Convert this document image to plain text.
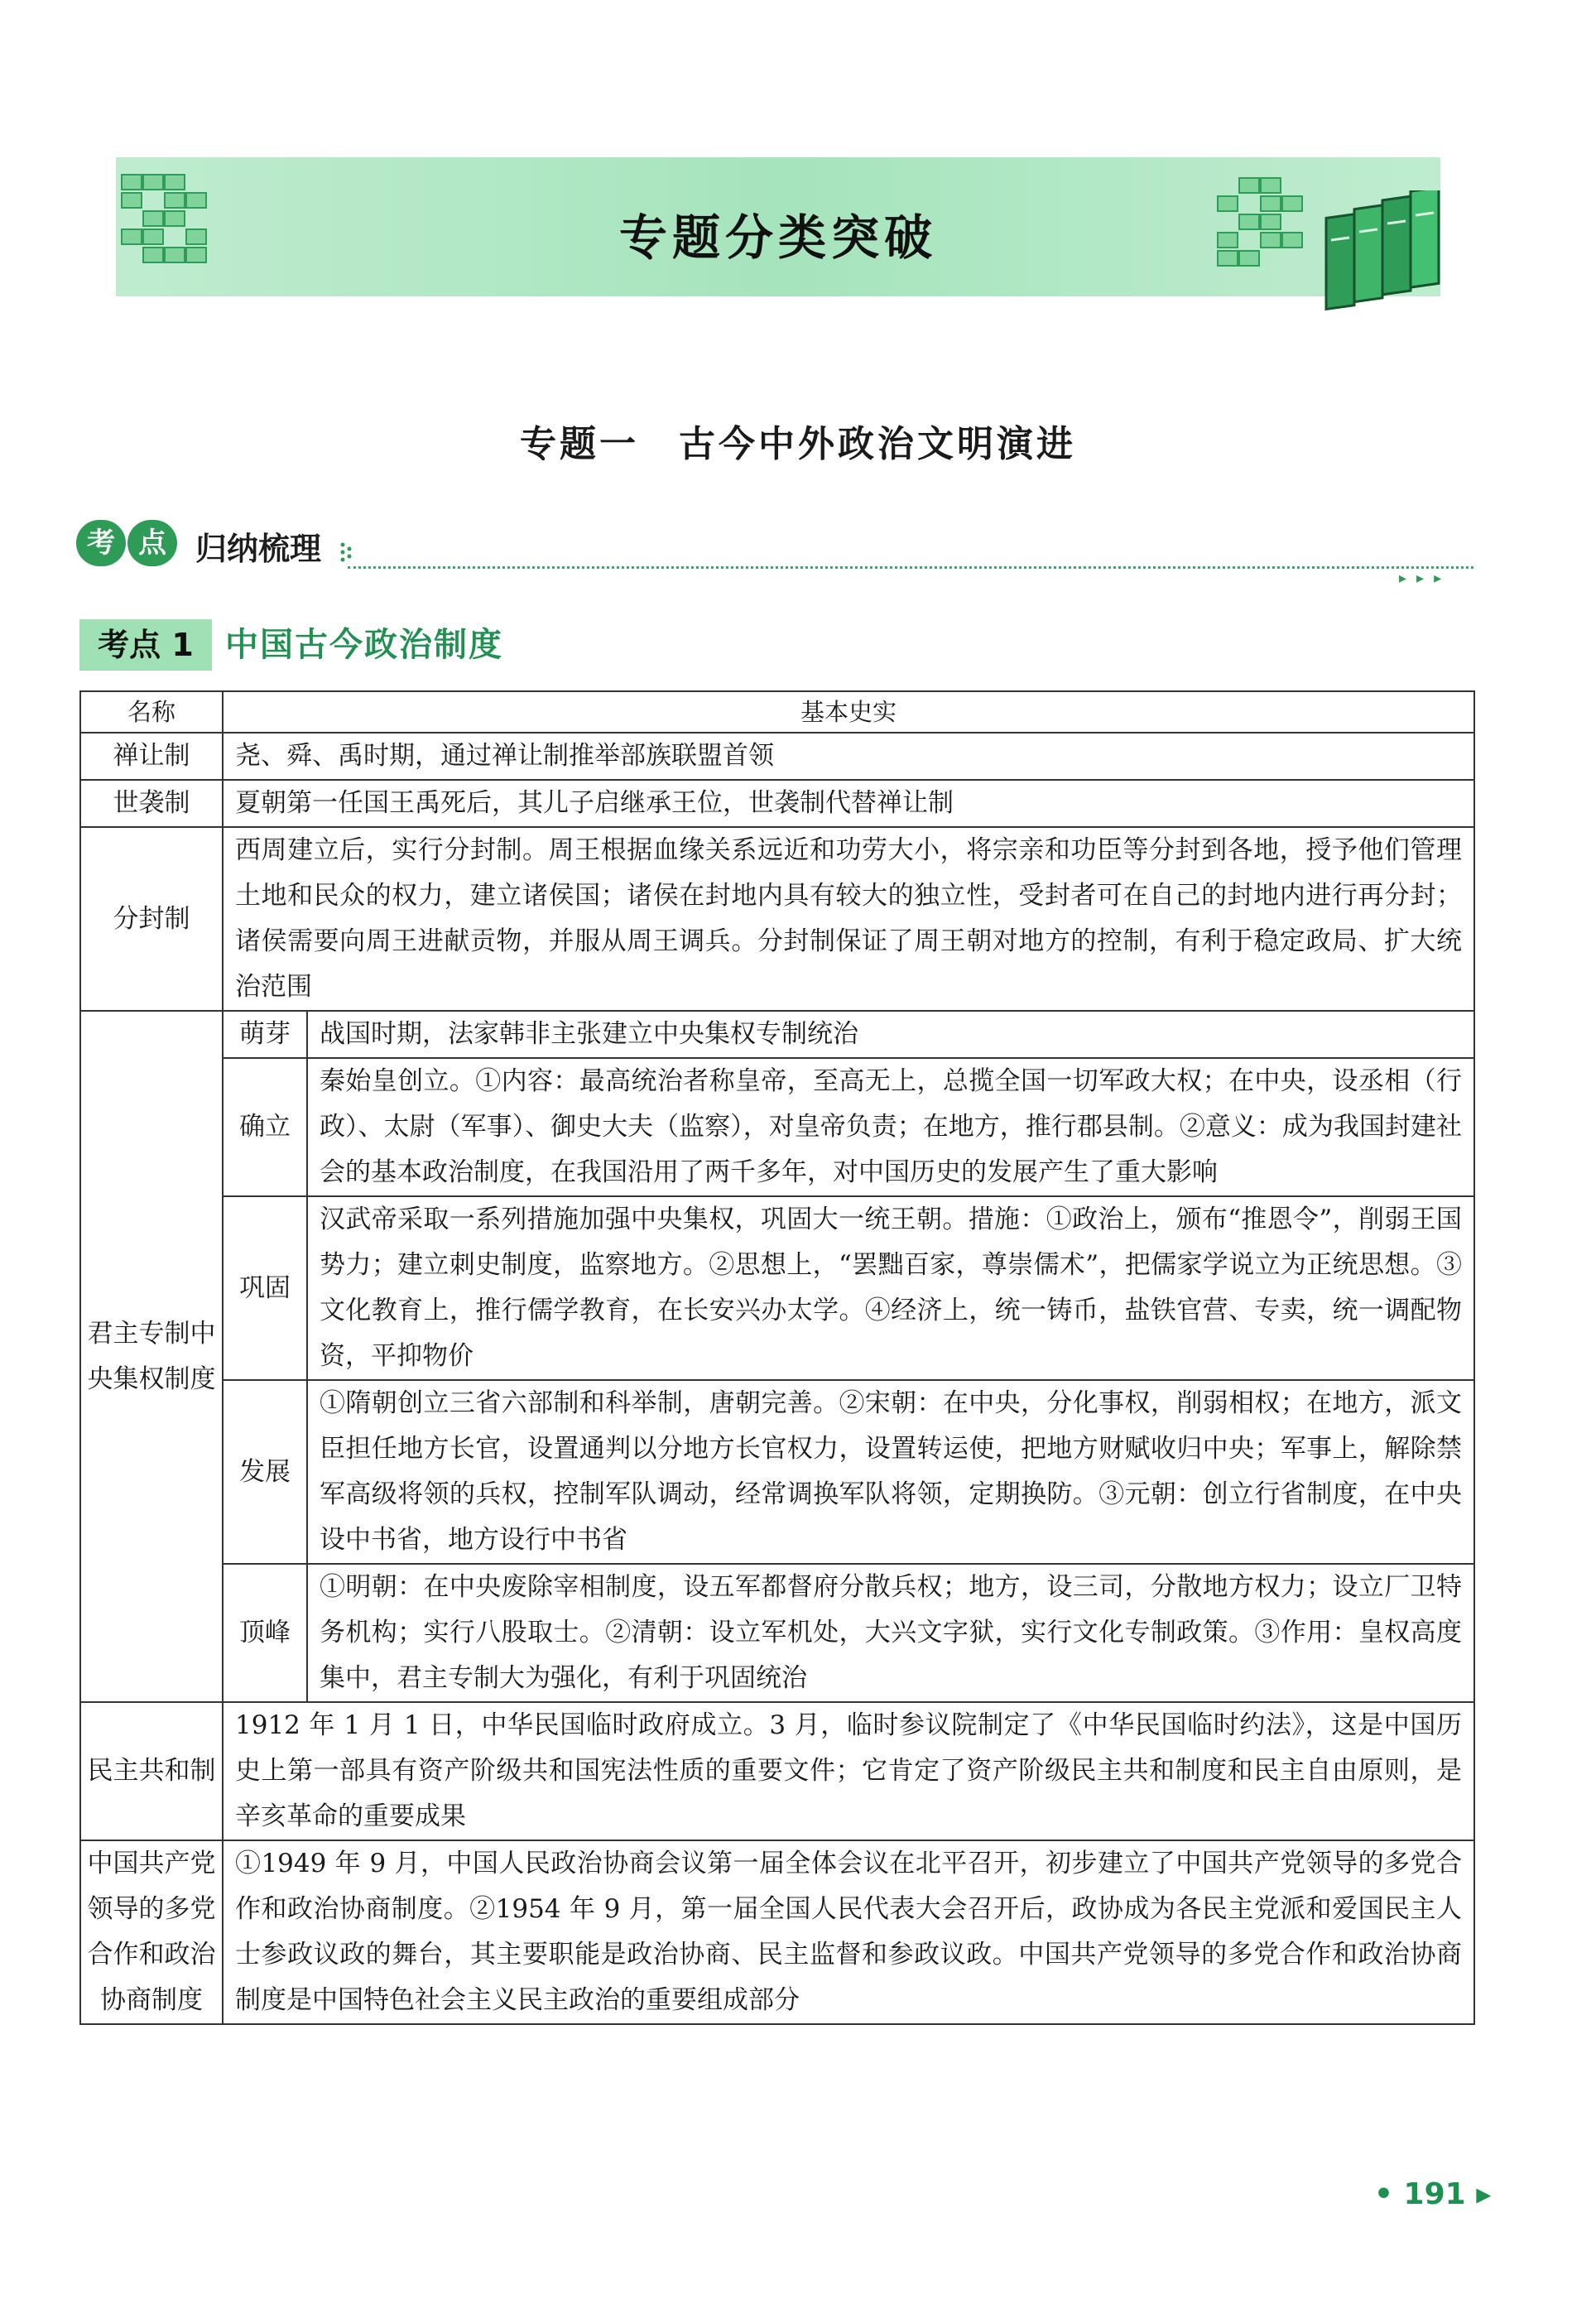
专题分类突破
专题一　古今中外政治文明演进
考 点 归纳梳理
▸▸▸
考点 1 中国古今政治制度
名称	基本史实	
禅让制	尧、舜、禹时期，通过禅让制推举部族联盟首领	
世袭制	夏朝第一任国王禹死后，其儿子启继承王位，世袭制代替禅让制	
分封制	西周建立后，实行分封制。周王根据血缘关系远近和功劳大小，将宗亲和功臣等分封到各地，授予他们管理土地和民众的权力，建立诸侯国；诸侯在封地内具有较大的独立性，受封者可在自己的封地内进行再分封；诸侯需要向周王进献贡物，并服从周王调兵。分封制保证了周王朝对地方的控制，有利于稳定政局、扩大统治范围	
君主专制中央集权制度	萌芽	战国时期，法家韩非主张建立中央集权专制统治
	确立	秦始皇创立。①内容：最高统治者称皇帝，至高无上，总揽全国一切军政大权；在中央，设丞相（行政）、太尉（军事）、御史大夫（监察），对皇帝负责；在地方，推行郡县制。②意义：成为我国封建社会的基本政治制度，在我国沿用了两千多年，对中国历史的发展产生了重大影响
	巩固	汉武帝采取一系列措施加强中央集权，巩固大一统王朝。措施：①政治上，颁布“推恩令”，削弱王国势力；建立刺史制度，监察地方。②思想上，“罢黜百家，尊崇儒术”，把儒家学说立为正统思想。③文化教育上，推行儒学教育，在长安兴办太学。④经济上，统一铸币，盐铁官营、专卖，统一调配物资，平抑物价
	发展	①隋朝创立三省六部制和科举制，唐朝完善。②宋朝：在中央，分化事权，削弱相权；在地方，派文臣担任地方长官，设置通判以分地方长官权力，设置转运使，把地方财赋收归中央；军事上，解除禁军高级将领的兵权，控制军队调动，经常调换军队将领，定期换防。③元朝：创立行省制度，在中央设中书省，地方设行中书省
	顶峰	①明朝：在中央废除宰相制度，设五军都督府分散兵权；地方，设三司，分散地方权力；设立厂卫特务机构；实行八股取士。②清朝：设立军机处，大兴文字狱，实行文化专制政策。③作用：皇权高度集中，君主专制大为强化，有利于巩固统治
民主共和制	1912 年 1 月 1 日，中华民国临时政府成立。3 月，临时参议院制定了《中华民国临时约法》，这是中国历史上第一部具有资产阶级共和国宪法性质的重要文件；它肯定了资产阶级民主共和制度和民主自由原则，是辛亥革命的重要成果	
中国共产党领导的多党合作和政治协商制度	①1949 年 9 月，中国人民政治协商会议第一届全体会议在北平召开，初步建立了中国共产党领导的多党合作和政治协商制度。②1954 年 9 月，第一届全国人民代表大会召开后，政协成为各民主党派和爱国民主人士参政议政的舞台，其主要职能是政治协商、民主监督和参政议政。中国共产党领导的多党合作和政治协商制度是中国特色社会主义民主政治的重要组成部分	
• 191 ▸
